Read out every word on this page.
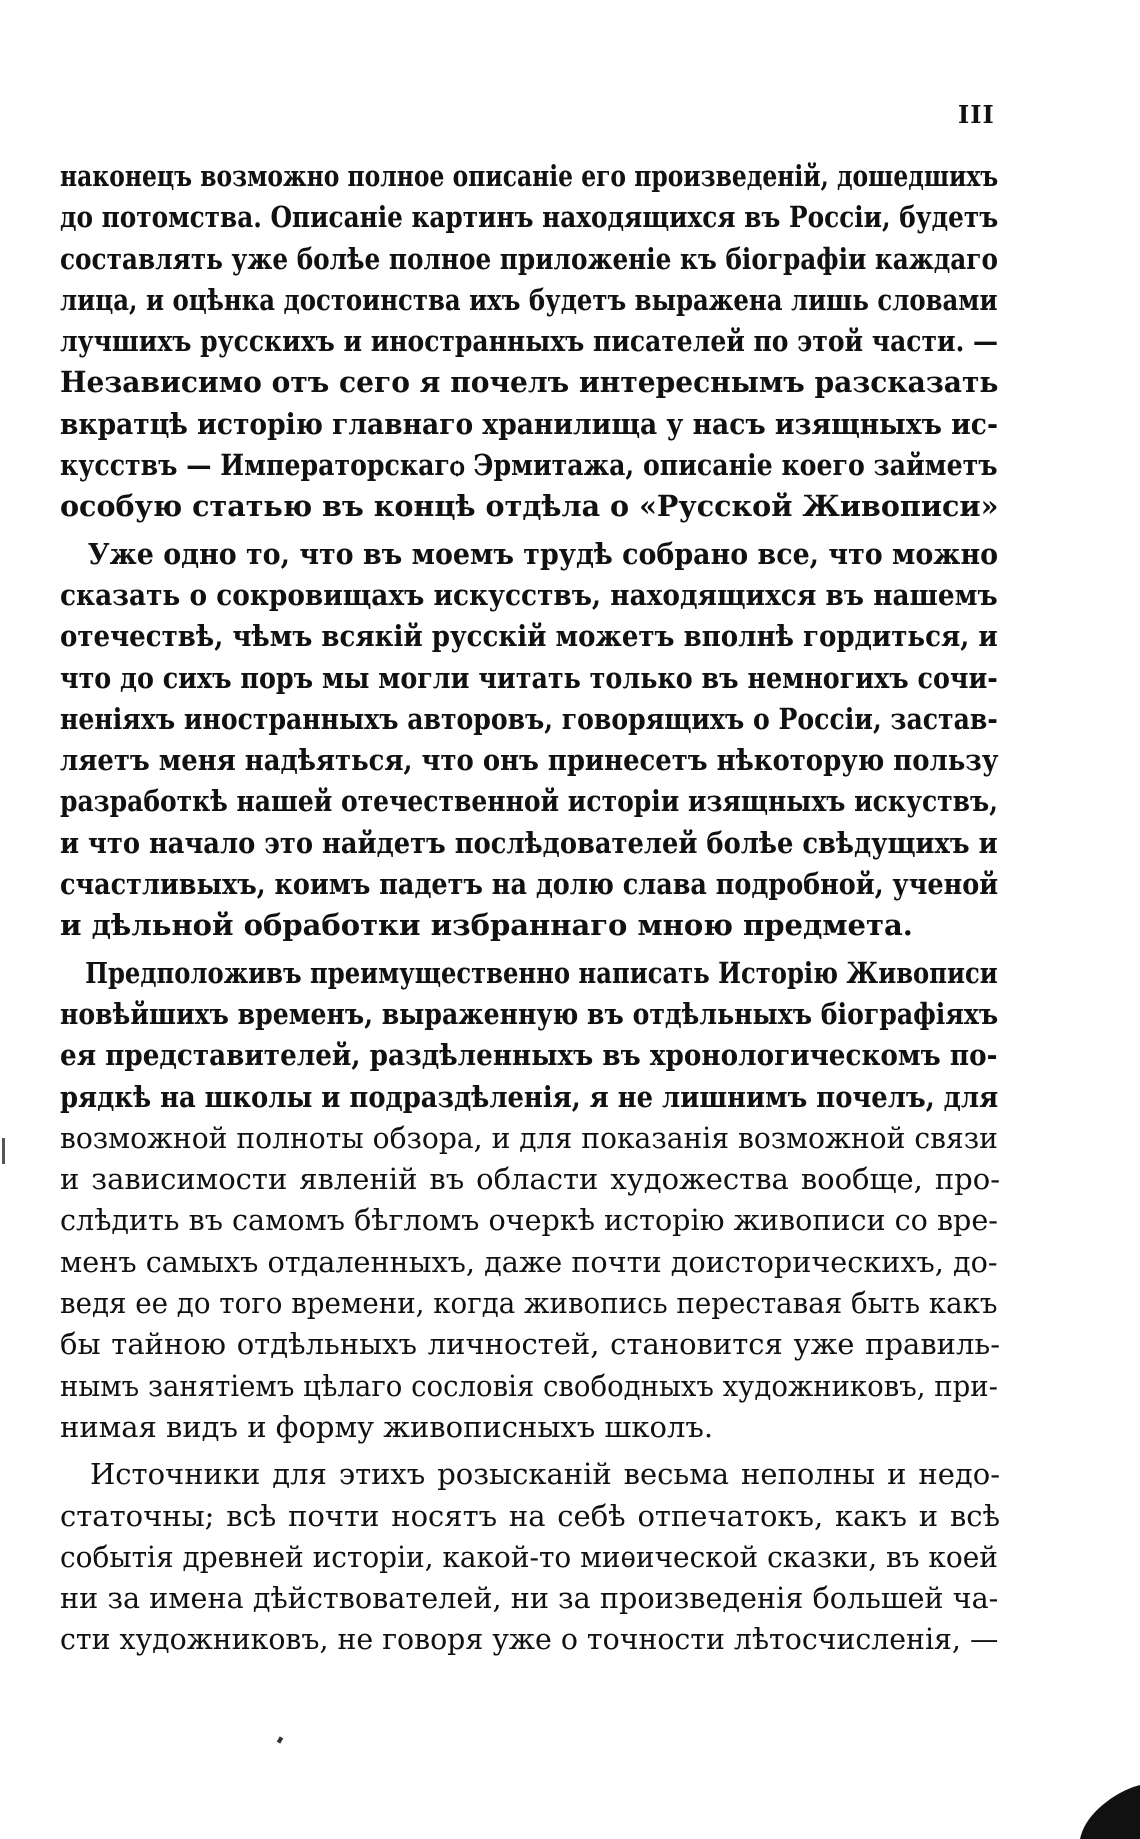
III
наконецъ возможно полное описаніе его произведеній, дошедшихъ
до потомства. Описаніе картинъ находящихся въ Россіи, будетъ
составлять уже болѣе полное приложеніе къ біографіи каждаго
лица, и оцѣнка достоинства ихъ будетъ выражена лишь словами
лучшихъ русскихъ и иностранныхъ писателей по этой части. —
Независимо отъ сего я почелъ интереснымъ разсказать
вкратцѣ исторію главнаго хранилища у насъ изящныхъ ис-
кусствъ — Императорскагѻ Эрмитажа, описаніе коего займетъ
особую статью въ концѣ отдѣла о «Русской Живописи»
Уже одно то, что въ моемъ трудѣ собрано все, что можно
сказать о сокровищахъ искусствъ, находящихся въ нашемъ
отечествѣ, чѣмъ всякій русскій можетъ вполнѣ гордиться, и
что до сихъ поръ мы могли читать только въ немногихъ сочи-
неніяхъ иностранныхъ авторовъ, говорящихъ о Россіи, застав-
ляетъ меня надѣяться, что онъ принесетъ нѣкоторую пользу
разработкѣ нашей отечественной исторіи изящныхъ искуствъ,
и что начало это найдетъ послѣдователей болѣе свѣдущихъ и
счастливыхъ, коимъ падетъ на долю слава подробной, ученой
и дѣльной обработки избраннаго мною предмета.
Предположивъ преимущественно написать Исторію Живописи
новѣйшихъ временъ, выраженную въ отдѣльныхъ біографіяхъ
ея представителей, раздѣленныхъ въ хронологическомъ по-
рядкѣ на школы и подраздѣленія, я не лишнимъ почелъ, для
возможной полноты обзора, и для показанія возможной связи
и зависимости явленій въ области художества вообще, про-
слѣдить въ самомъ бѣгломъ очеркѣ исторію живописи со вре-
менъ самыхъ отдаленныхъ, даже почти доисторическихъ, до-
ведя ее до того времени, когда живопись переставая быть какъ
бы тайною отдѣльныхъ личностей, становится уже правиль-
нымъ занятіемъ цѣлаго сословія свободныхъ художниковъ, при-
нимая видъ и форму живописныхъ школъ.
Источники для этихъ розысканій весьма неполны и недо-
статочны; всѣ почти носятъ на себѣ отпечатокъ, какъ и всѣ
событія древней исторіи, какой-то миѳической сказки, въ коей
ни за имена дѣйствователей, ни за произведенія большей ча-
сти художниковъ, не говоря уже о точности лѣтосчисленія, —
